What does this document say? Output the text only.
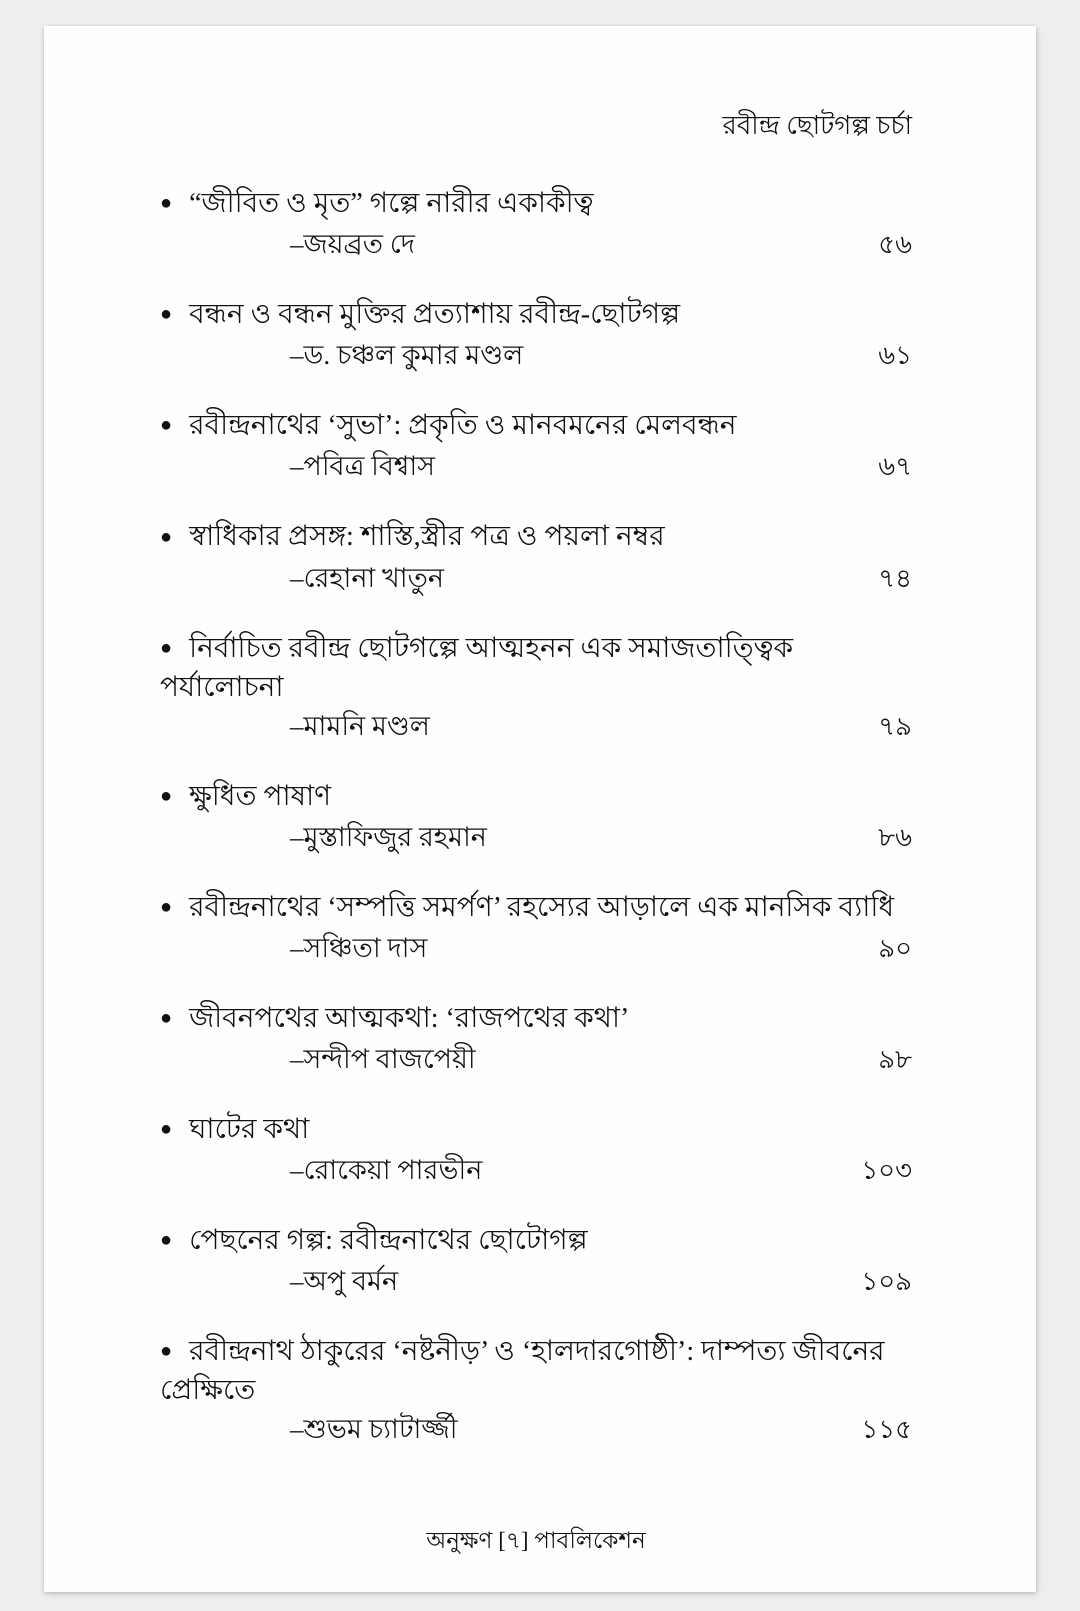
রবীন্দ্র ছোটগল্প চর্চা
● “জীবিত ও মৃত” গল্পে নারীর একাকীত্ব
–জয়ব্রত দে	৫৬
● বন্ধন ও বন্ধন মুক্তির প্রত্যাশায় রবীন্দ্র-ছোটগল্প
–ড. চঞ্চল কুমার মণ্ডল	৬১
● রবীন্দ্রনাথের ‘সুভা’: প্রকৃতি ও মানবমনের মেলবন্ধন
–পবিত্র বিশ্বাস	৬৭
● স্বাধিকার প্রসঙ্গ: শাস্তি,স্ত্রীর পত্র ও পয়লা নম্বর
–রেহানা খাতুন	৭৪
● নির্বাচিত রবীন্দ্র ছোটগল্পে আত্মহনন এক সমাজতাত্ত্বিক পর্যালোচনা
–মামনি মণ্ডল	৭৯
● ক্ষুধিত পাষাণ
–মুস্তাফিজুর রহমান	৮৬
● রবীন্দ্রনাথের ‘সম্পত্তি সমর্পণ’ রহস্যের আড়ালে এক মানসিক ব্যাধি
–সঞ্চিতা দাস	৯০
● জীবনপথের আত্মকথা: ‘রাজপথের কথা’
–সন্দীপ বাজপেয়ী	৯৮
● ঘাটের কথা
–রোকেয়া পারভীন	১০৩
● পেছনের গল্প: রবীন্দ্রনাথের ছোটোগল্প
–অপু বর্মন	১০৯
● রবীন্দ্রনাথ ঠাকুরের ‘নষ্টনীড়’ ও ‘হালদারগোষ্ঠী’: দাম্পত্য জীবনের প্রেক্ষিতে
–শুভম চ্যাটার্জ্জী	১১৫
অনুক্ষণ [৭] পাবলিকেশন
